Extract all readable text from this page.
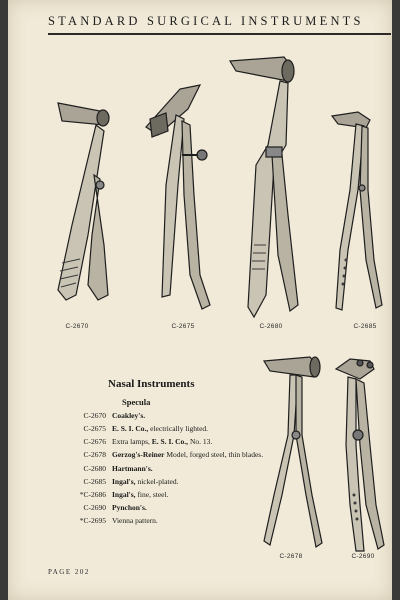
STANDARD SURGICAL INSTRUMENTS
C-2670	C-2675	C-2680	C-2685
C-2678	C-2690
Nasal Instruments
Specula
C-2670 Coakley's.
C-2675 E. S. I. Co., electrically lighted.
C-2676 Extra lamps, E. S. I. Co., No. 13.
C-2678 Gerzog's-Reiner Model, forged steel, thin blades.
C-2680 Hartmann's.
C-2685 Ingal's, nickel-plated.
*C-2686 Ingal's, fine, steel.
C-2690 Pynchon's.
*C-2695 Vienna pattern.
PAGE 202
